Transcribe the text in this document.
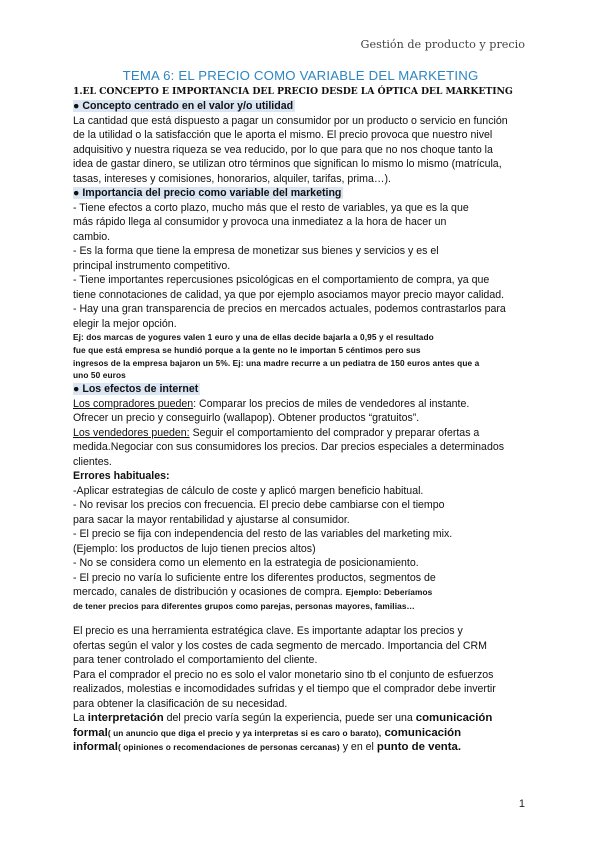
Gestión de producto y precio
TEMA 6: EL PRECIO COMO VARIABLE DEL MARKETING
1.EL CONCEPTO E IMPORTANCIA DEL PRECIO DESDE LA ÓPTICA DEL MARKETING

● Concepto centrado en el valor y/o utilidad

La cantidad que está dispuesto a pagar un consumidor por un producto o servicio en función

de la utilidad o la satisfacción que le aporta el mismo. El precio provoca que nuestro nivel

adquisitivo y nuestra riqueza se vea reducido, por lo que para que no nos choque tanto la

idea de gastar dinero, se utilizan otro términos que significan lo mismo lo mismo (matrícula,

tasas, intereses y comisiones, honorarios, alquiler, tarifas, prima…).

● Importancia del precio como variable del marketing

- Tiene efectos a corto plazo, mucho más que el resto de variables, ya que es la que

más rápido llega al consumidor y provoca una inmediatez a la hora de hacer un

cambio.

- Es la forma que tiene la empresa de monetizar sus bienes y servicios y es el

principal instrumento competitivo.

- Tiene importantes repercusiones psicológicas en el comportamiento de compra, ya que

tiene connotaciones de calidad, ya que por ejemplo asociamos mayor precio mayor calidad.

- Hay una gran transparencia de precios en mercados actuales, podemos contrastarlos para

elegir la mejor opción.

Ej: dos marcas de yogures valen 1 euro y una de ellas decide bajarla a 0,95 y el resultado

fue que está empresa se hundió porque a la gente no le importan 5 céntimos pero sus

ingresos de la empresa bajaron un 5%. Ej: una madre recurre a un pediatra de 150 euros antes que a

uno 50 euros

● Los efectos de internet

Los compradores pueden: Comparar los precios de miles de vendedores al instante.

Ofrecer un precio y conseguirlo (wallapop). Obtener productos “gratuitos”.

Los vendedores pueden: Seguir el comportamiento del comprador y preparar ofertas a

medida.Negociar con sus consumidores los precios. Dar precios especiales a determinados

clientes.

Errores habituales:

-Aplicar estrategias de cálculo de coste y aplicó margen beneficio habitual.

- No revisar los precios con frecuencia. El precio debe cambiarse con el tiempo

para sacar la mayor rentabilidad y ajustarse al consumidor.

- El precio se fija con independencia del resto de las variables del marketing mix.

(Ejemplo: los productos de lujo tienen precios altos)

- No se considera como un elemento en la estrategia de posicionamiento.

- El precio no varía lo suficiente entre los diferentes productos, segmentos de

mercado, canales de distribución y ocasiones de compra. Ejemplo: Deberíamos

de tener precios para diferentes grupos como parejas, personas mayores, familias…

El precio es una herramienta estratégica clave. Es importante adaptar los precios y

ofertas según el valor y los costes de cada segmento de mercado. Importancia del CRM

para tener controlado el comportamiento del cliente.

Para el comprador el precio no es solo el valor monetario sino tb el conjunto de esfuerzos

realizados, molestias e incomodidades sufridas y el tiempo que el comprador debe invertir

para obtener la clasificación de su necesidad.

La interpretación del precio varía según la experiencia, puede ser una comunicación

formal( un anuncio que diga el precio y ya interpretas si es caro o barato), comunicación

informal( opiniones o recomendaciones de personas cercanas) y en el punto de venta.

1
